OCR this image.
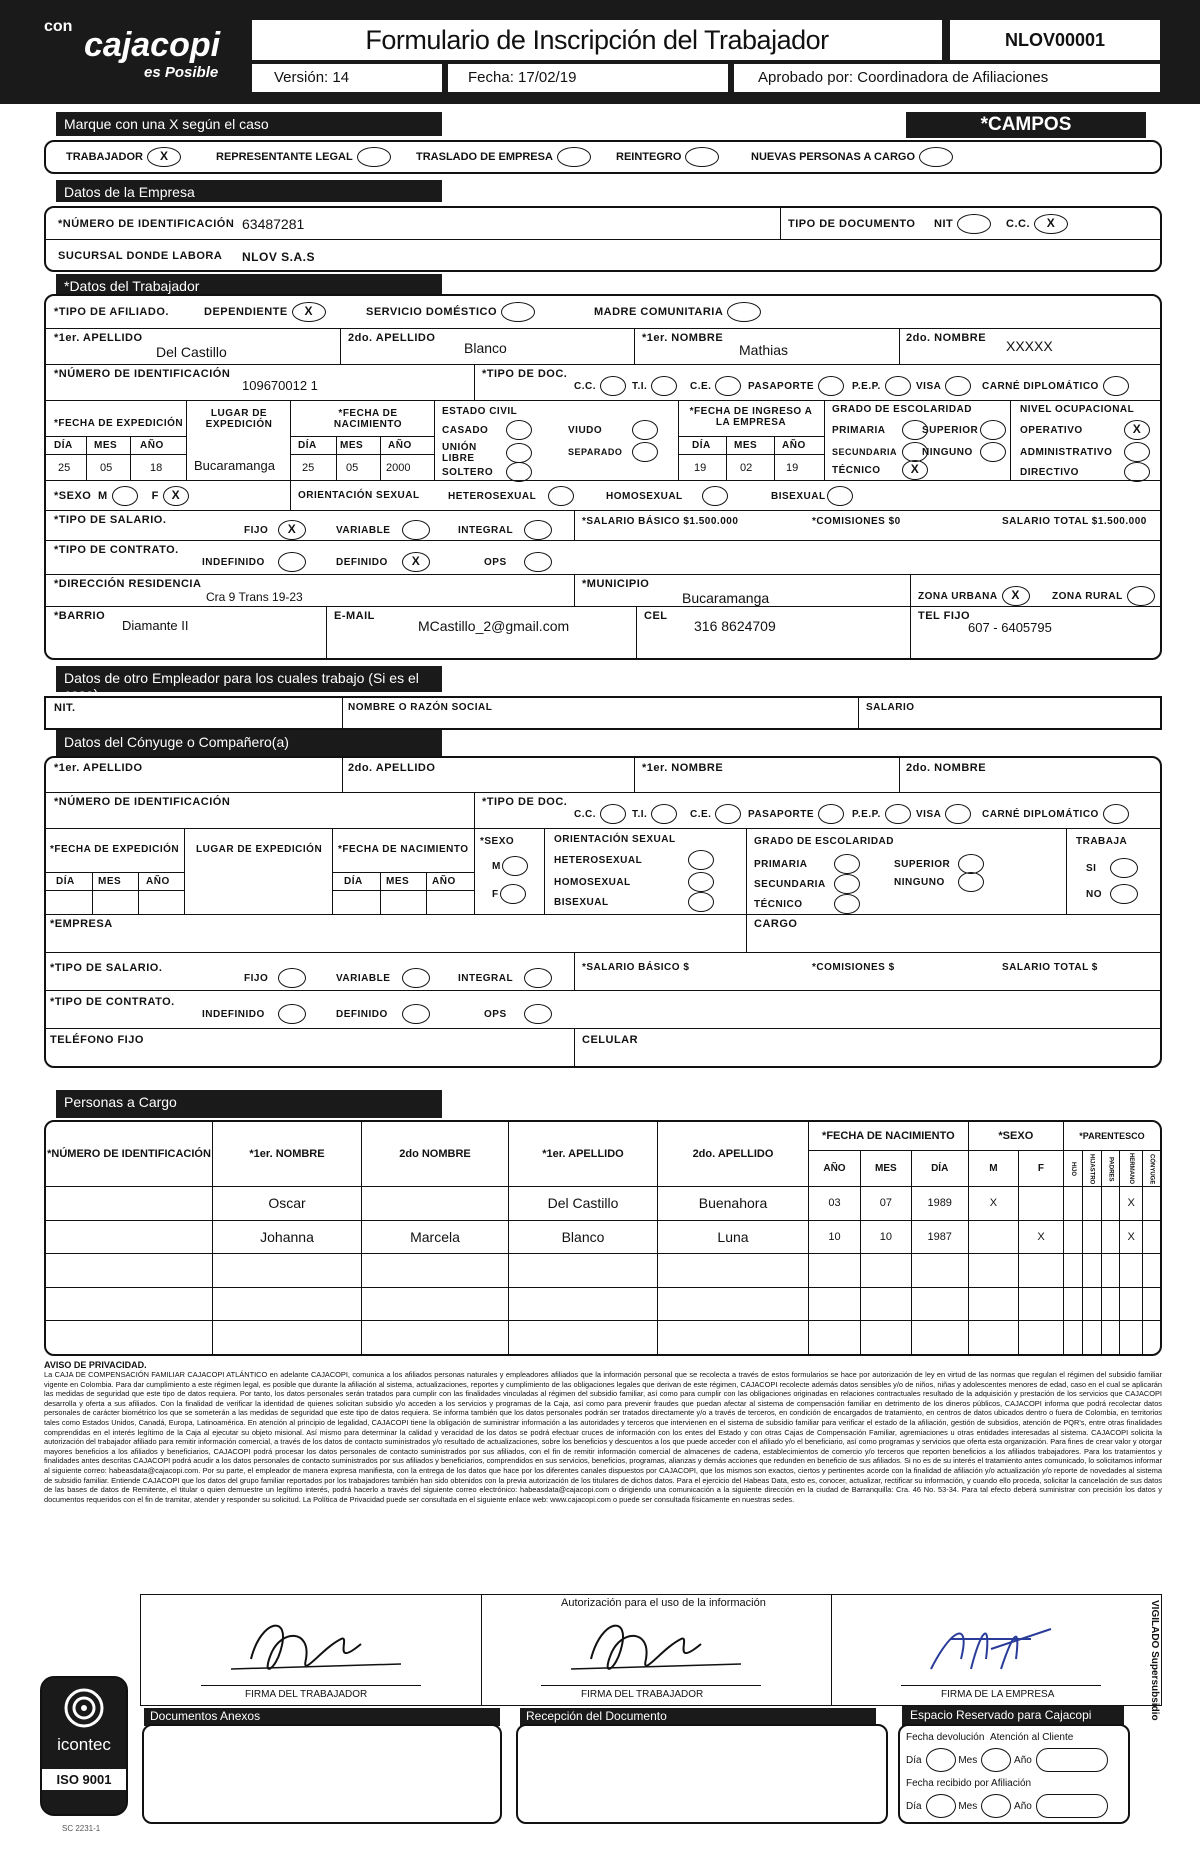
con cajacopi
es Posible
Formulario de Inscripción del Trabajador	NLOV00001
Versión: 14	Fecha: 17/02/19	Aprobado por: Coordinadora de Afiliaciones
Marque con una X según el caso	*CAMPOS OBLIGATORIOS
TRABAJADOR	X	REPRESENTANTE LEGAL	TRASLADO DE EMPRESA	REINTEGRO	NUEVAS PERSONAS A CARGO
Datos de la Empresa
*NÚMERO DE IDENTIFICACIÓN 63487281	TIPO DE DOCUMENTO NIT	C.C.	X
SUCURSAL DONDE LABORA NLOV S.A.S
*Datos del Trabajador
*TIPO DE AFILIADO.	DEPENDIENTE	X	SERVICIO DOMÉSTICO	MADRE COMUNITARIA
*1er. APELLIDO
Del Castillo
2do. APELLIDO
Blanco
*1er. NOMBRE
Mathias
2do. NOMBRE XXXXX
*NÚMERO DE IDENTIFICACIÓN
109670012 1
*TIPO DE DOC.
C.C.	T.I.	C.E.	PASAPORTE	P.E.P.	VISA	CARNÉ DIPLOMÁTICO
*FECHA DE EXPEDICIÓN
LUGAR DE EXPEDICIÓN
*FECHA DE NACIMIENTO
DÍA MES AÑO
25	05	18 Bucaramanga
DÍA MES AÑO
25	05	2000
ESTADO CIVIL
CASADO
UNIÓN LIBRE
SOLTERO
VIUDO
SEPARADO
*FECHA DE INGRESO A LA EMPRESA
DÍA MES AÑO
19	02	19
GRADO DE ESCOLARIDAD
PRIMARIA	SUPERIOR
SECUNDARIA NINGUNO
TÉCNICO	X
NIVEL OCUPACIONAL
OPERATIVO	X
ADMINISTRATIVO
DIRECTIVO
*SEXO M	F	X	ORIENTACIÓN SEXUAL	HETEROSEXUAL	HOMOSEXUAL	BISEXUAL
*TIPO DE SALARIO.
FIJO	X	VARIABLE	INTEGRAL
*SALARIO BÁSICO $1.500.000	*COMISIONES $0	SALARIO TOTAL $1.500.000
*TIPO DE CONTRATO.
INDEFINIDO	DEFINIDO	X	OPS
*DIRECCIÓN RESIDENCIA
Cra 9 Trans 19-23
*MUNICIPIO
Bucaramanga	ZONA URBANA	X	ZONA RURAL
*BARRIO
Diamante II
E-MAIL
MCastillo_2@gmail.com
CEL
316 8624709
TEL FIJO
607 - 6405795
Datos de otro Empleador para los cuales trabajo (Si es el caso)
NIT.	NOMBRE O RAZÓN SOCIAL	SALARIO
Datos del Cónyuge o Compañero(a)
*1er. APELLIDO	2do. APELLIDO	*1er. NOMBRE	2do. NOMBRE
*NÚMERO DE IDENTIFICACIÓN	*TIPO DE DOC.
C.C.	T.I.	C.E.	PASAPORTE	P.E.P.	VISA	CARNÉ DIPLOMÁTICO
*FECHA DE EXPEDICIÓN LUGAR DE EXPEDICIÓN *FECHA DE NACIMIENTO
DÍA MES AÑO	DÍA MES AÑO
*SEXO
M
F
ORIENTACIÓN SEXUAL
HETEROSEXUAL
HOMOSEXUAL
BISEXUAL
GRADO DE ESCOLARIDAD
PRIMARIA	SUPERIOR
SECUNDARIA	NINGUNO
TÉCNICO
TRABAJA
SI
NO
*EMPRESA	CARGO
*TIPO DE SALARIO.
FIJO	VARIABLE	INTEGRAL
*SALARIO BÁSICO $	*COMISIONES $	SALARIO TOTAL $
*TIPO DE CONTRATO.
INDEFINIDO	DEFINIDO	OPS
TELÉFONO FIJO	CELULAR
Personas a Cargo
*NÚMERO DE IDENTIFICACIÓN	*1er. NOMBRE	2do NOMBRE	*1er. APELLIDO	2do. APELLIDO	*FECHA DE NACIMIENTO			*SEXO		*PARENTESCO				
					AÑO	MES	DÍA	M	F	HIJO	HIJASTRO	PADRES	HERMANO	CÓNYUGE
	Oscar		Del Castillo	Buenahora	03	07	1989	X					X	
	Johanna	Marcela	Blanco	Luna	10	10	1987		X				X	

AVISO DE PRIVACIDAD.
La CAJA DE COMPENSACIÓN FAMILIAR CAJACOPI ATLÁNTICO en adelante CAJACOPI, comunica a los afiliados personas naturales y empleadores afiliados que la información personal que se recolecta a través de estos formularios se hace por autorización de ley en virtud de las normas que regulan el régimen del subsidio familiar vigente en Colombia. Para dar cumplimiento a este régimen legal, es posible que durante la afiliación al sistema, actualizaciones, reportes y cumplimiento de las obligaciones legales que derivan de este régimen, CAJACOPI recolecte además datos sensibles y/o de niños, niñas y adolescentes menores de edad, caso en el cual se aplicarán las medidas de seguridad que este tipo de datos requiera. Por tanto, los datos personales serán tratados para cumplir con las finalidades vinculadas al régimen del subsidio familiar, así como para cumplir con las obligaciones originadas en relaciones contractuales resultado de la adquisición y prestación de los servicios que CAJACOPI desarrolla y oferta a sus afiliados. Con la finalidad de verificar la identidad de quienes solicitan subsidio y/o acceden a los servicios y programas de la Caja, así como para prevenir fraudes que puedan afectar al sistema de compensación familiar en detrimento de los dineros públicos, CAJACOPI informa que podrá recolectar datos personales de carácter biométrico los que se someterán a las medidas de seguridad que este tipo de datos requiera. Se informa también que los datos personales podrán ser tratados directamente y/o a través de terceros, en condición de encargados de tratamiento, en centros de datos ubicados dentro o fuera de Colombia, en territorios tales como Estados Unidos, Canadá, Europa, Latinoamérica. En atención al principio de legalidad, CAJACOPI tiene la obligación de suministrar información a las autoridades y terceros que intervienen en el sistema de subsidio familiar para verificar el estado de la afiliación, gestión de subsidios, atención de PQR's, entre otras finalidades comprendidas en el interés legítimo de la Caja al ejecutar su objeto misional. Así mismo para determinar la calidad y veracidad de los datos se podrá efectuar cruces de información con los entes del Estado y con otras Cajas de Compensación Familiar, agremiaciones u otras entidades interesadas al sistema. CAJACOPI solicita la autorización del trabajador afiliado para remitir información comercial, a través de los datos de contacto suministrados y/o resultado de actualizaciones, sobre los beneficios y descuentos a los que puede acceder con el afiliado y/o el beneficiario, así como programas y servicios que oferta esta organización. Para fines de crear valor y otorgar mayores beneficios a los afiliados y beneficiarios, CAJACOPI podrá procesar los datos personales de contacto suministrados por sus afiliados, con el fin de remitir información comercial de almacenes de cadena, establecimientos de comercio y/o terceros que reporten beneficios a los afiliados trabajadores. Para los tratamientos y finalidades antes descritas CAJACOPI podrá acudir a los datos personales de contacto suministrados por sus afiliados y beneficiarios, comprendidos en sus servicios, beneficios, programas, alianzas y demás acciones que redunden en beneficio de sus afiliados. Si no es de su interés el tratamiento antes comunicado, lo solicitamos informar al siguiente correo: habeasdata@cajacopi.com. Por su parte, el empleador de manera expresa manifiesta, con la entrega de los datos que hace por los diferentes canales dispuestos por CAJACOPI, que los mismos son exactos, ciertos y pertinentes acorde con la finalidad de afiliación y/o actualización y/o reporte de novedades al sistema de subsidio familiar. Entiende CAJACOPI que los datos del grupo familiar reportados por los trabajadores también han sido obtenidos con la previa autorización de los titulares de dichos datos. Para el ejercicio del Habeas Data, esto es, conocer, actualizar, rectificar su información, y cuando ello proceda, solicitar la cancelación de sus datos de las bases de datos de Remitente, el titular o quien demuestre un legítimo interés, podrá hacerlo a través del siguiente correo electrónico: habeasdata@cajacopi.com o dirigiendo una comunicación a la siguiente dirección en la ciudad de Barranquilla: Cra. 46 No. 53-34. Para tal efecto deberá suministrar con precisión los datos y documentos requeridos con el fin de tramitar, atender y responder su solicitud. La Política de Privacidad puede ser consultada en el siguiente enlace web: www.cajacopi.com o puede ser consultada físicamente en nuestras sedes.
Autorización para el uso de la información
FIRMA DEL TRABAJADOR	FIRMA DEL TRABAJADOR	FIRMA DE LA EMPRESA	VIGILADO Supersubsidio
icontec
ISO 9001
SC 2231-1
Documentos Anexos	Recepción del Documento	Espacio Reservado para Cajacopi
Fecha devolución Atención al Cliente
Día
	Mes
	Año
Fecha recibido por Afiliación
Día
	Mes
	Año
